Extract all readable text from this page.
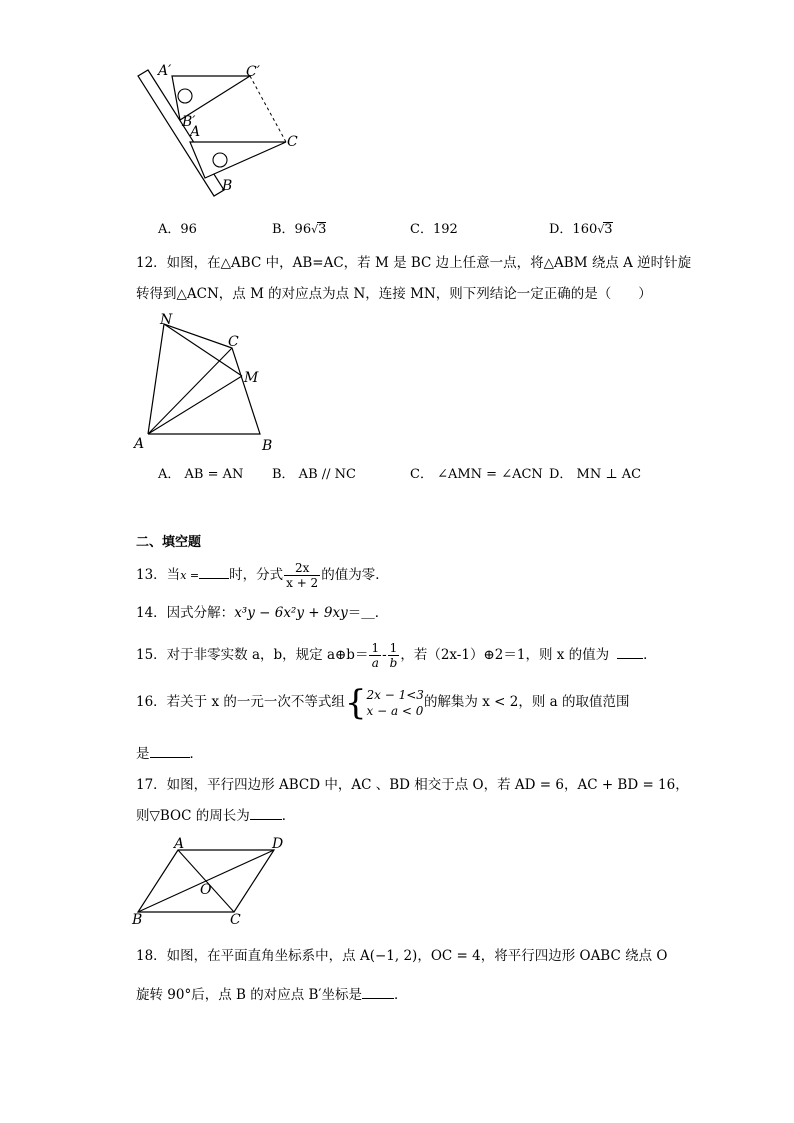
A′	C′
B′
A
C
B
A．96	B．96√3	C．192	D．160√3
12．如图，在△ABC 中，AB=AC，若 M 是 BC 边上任意一点，将△ABM 绕点 A 逆时针旋
转得到△ACN，点 M 的对应点为点 N，连接 MN，则下列结论一定正确的是（　　）
N
C
M
A	B
A． AB = AN B． AB // NC	C． ∠AMN = ∠ACN D． MN ⊥ AC
二、填空题
13．当x = 时，分式 $\frac{2x}{x + 2}$ 的值为零．
14．因式分解：x³y − 6x²y + 9xy＝＿．
15．对于非零实数 a，b，规定 a⊕b＝ $\frac{1}{a} - \frac{1}{b}$ ，若（2x-1）⊕2＝1，则 x 的值为	．
16．若关于 x 的一元一次不等式组{ 2x − 1<3
x − a < 0
的解集为 x < 2，则 a 的取值范围
是	．
17．如图，平行四边形 ABCD 中，AC 、BD 相交于点 O，若 AD = 6，AC + BD = 16，
则▽BOC 的周长为 ．
A	D
O
B	C
18．如图，在平面直角坐标系中，点 A(−1, 2)，OC = 4，将平行四边形 OABC 绕点 O
旋转 90°后，点 B 的对应点 B′坐标是 ．
